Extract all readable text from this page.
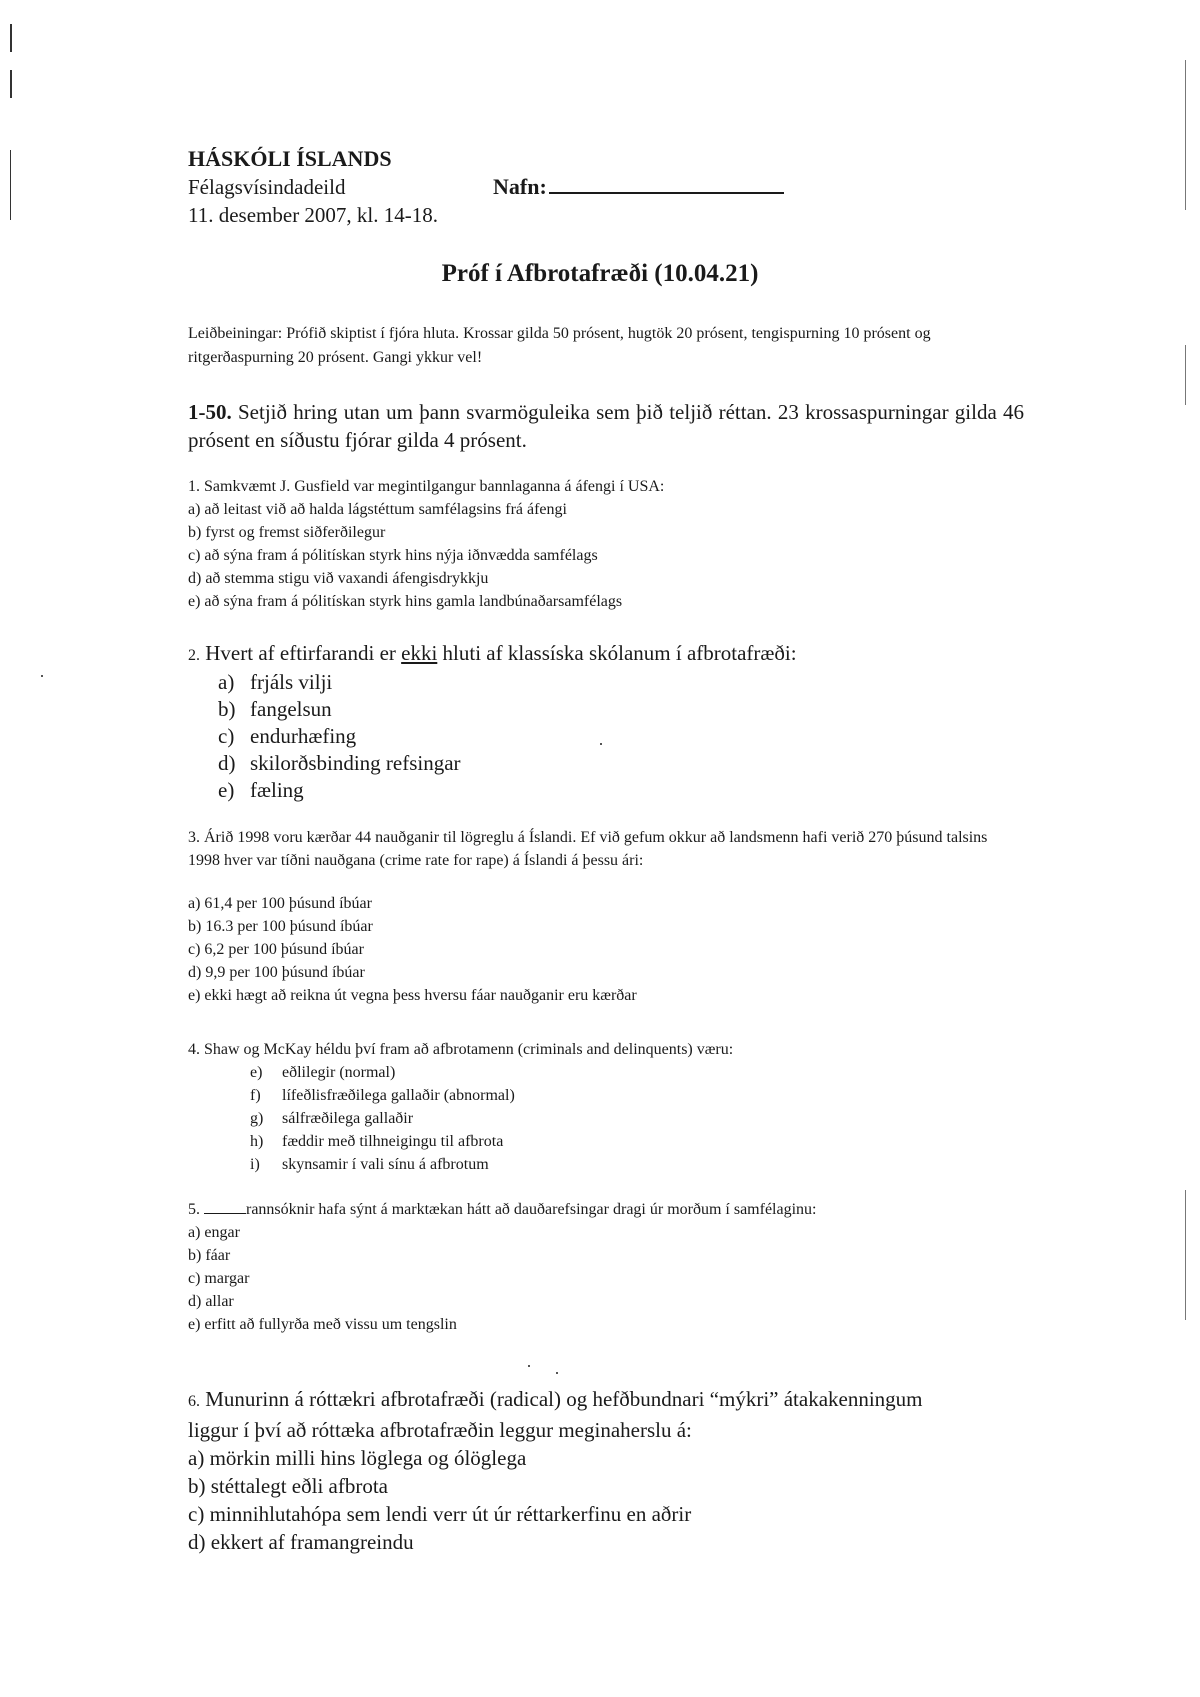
HÁSKÓLI ÍSLANDS
Félagsvísindadeild	Nafn:
11. desember 2007, kl. 14-18.
Próf í Afbrotafræði (10.04.21)
Leiðbeiningar: Prófið skiptist í fjóra hluta. Krossar gilda 50 prósent, hugtök 20 prósent, tengispurning 10 prósent og ritgerðaspurning 20 prósent. Gangi ykkur vel!
1-50. Setjið hring utan um þann svarmöguleika sem þið teljið réttan. 23 krossaspurningar gilda 46 prósent en síðustu fjórar gilda 4 prósent.
1. Samkvæmt J. Gusfield var megintilgangur bannlaganna á áfengi í USA:
a) að leitast við að halda lágstéttum samfélagsins frá áfengi
b) fyrst og fremst siðferðilegur
c) að sýna fram á pólitískan styrk hins nýja iðnvædda samfélags
d) að stemma stigu við vaxandi áfengisdrykkju
e) að sýna fram á pólitískan styrk hins gamla landbúnaðarsamfélags
2. Hvert af eftirfarandi er ekki hluti af klassíska skólanum í afbrotafræði:
a) frjáls vilji
b) fangelsun
c) endurhæfing
d) skilorðsbinding refsingar
e) fæling
3. Árið 1998 voru kærðar 44 nauðganir til lögreglu á Íslandi. Ef við gefum okkur að landsmenn hafi verið 270 þúsund talsins 1998 hver var tíðni nauðgana (crime rate for rape) á Íslandi á þessu ári:
a) 61,4 per 100 þúsund íbúar
b) 16.3 per 100 þúsund íbúar
c) 6,2 per 100 þúsund íbúar
d) 9,9 per 100 þúsund íbúar
e) ekki hægt að reikna út vegna þess hversu fáar nauðganir eru kærðar
4. Shaw og McKay héldu því fram að afbrotamenn (criminals and delinquents) væru:
e) eðlilegir (normal)
f) lífeðlisfræðilega gallaðir (abnormal)
g) sálfræðilega gallaðir
h) fæddir með tilhneigingu til afbrota
i) skynsamir í vali sínu á afbrotum
5.	rannsóknir hafa sýnt á marktækan hátt að dauðarefsingar dragi úr morðum í samfélaginu:
a) engar
b) fáar
c) margar
d) allar
e) erfitt að fullyrða með vissu um tengslin
6. Munurinn á róttækri afbrotafræði (radical) og hefðbundnari “mýkri” átakakenningum liggur í því að róttæka afbrotafræðin leggur meginaherslu á:
a) mörkin milli hins löglega og ólöglega
b) stéttalegt eðli afbrota
c) minnihlutahópa sem lendi verr út úr réttarkerfinu en aðrir
d) ekkert af framangreindu
